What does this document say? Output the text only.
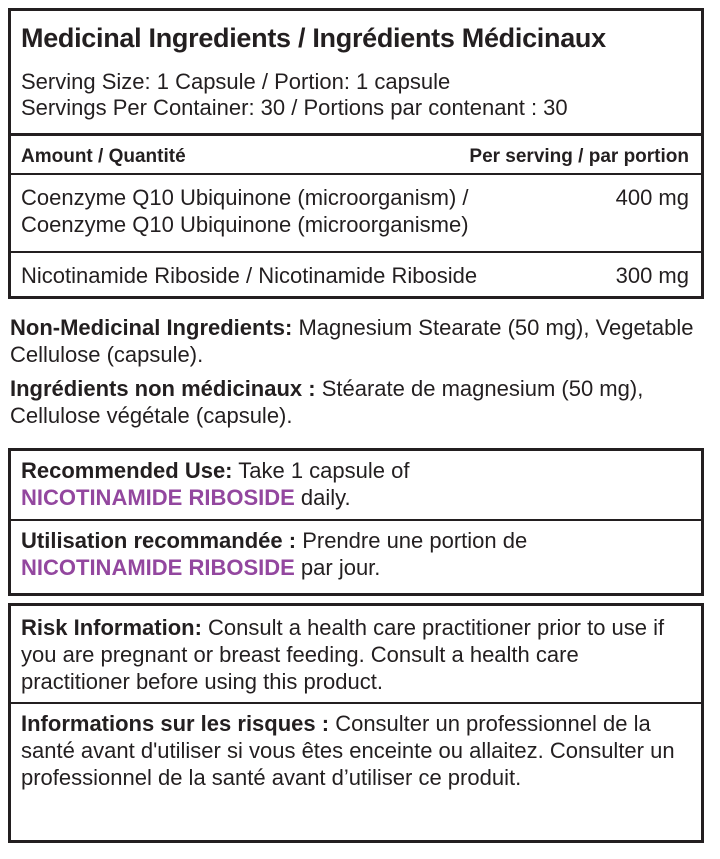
Medicinal Ingredients / Ingrédients Médicinaux
Serving Size: 1 Capsule / Portion: 1 capsule
Servings Per Container: 30 / Portions par contenant : 30
Amount / Quantité	Per serving / par portion
Coenzyme Q10 Ubiquinone (microorganism) /
Coenzyme Q10 Ubiquinone (microorganisme)
400 mg
Nicotinamide Riboside / Nicotinamide Riboside	300 mg
Non-Medicinal Ingredients: Magnesium Stearate (50 mg), Vegetable Cellulose (capsule).
Ingrédients non médicinaux : Stéarate de magnesium (50 mg), Cellulose végétale (capsule).
Recommended Use: Take 1 capsule of NICOTINAMIDE RIBOSIDE daily.
Utilisation recommandée : Prendre une portion de NICOTINAMIDE RIBOSIDE par jour.
Risk Information: Consult a health care practitioner prior to use if you are pregnant or breast feeding. Consult a health care practitioner before using this product.
Informations sur les risques : Consulter un professionnel de la santé avant d'utiliser si vous êtes enceinte ou allaitez. Consulter un professionnel de la santé avant d’utiliser ce produit.
